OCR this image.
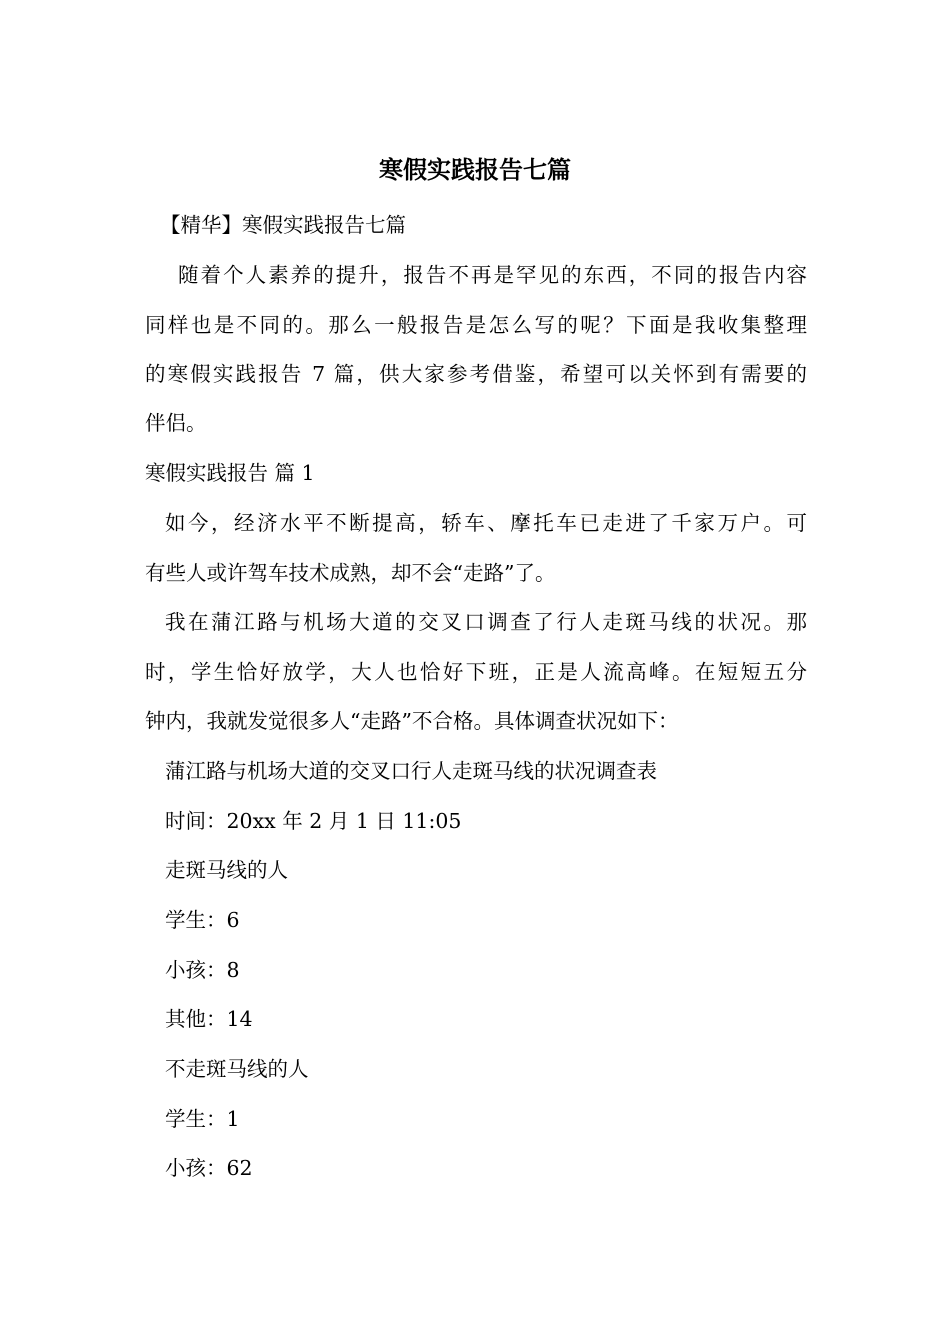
寒假实践报告七篇
【精华】寒假实践报告七篇
随着个人素养的提升，报告不再是罕见的东西，不同的报告内容
同样也是不同的。那么一般报告是怎么写的呢？下面是我收集整理
的寒假实践报告 7 篇，供大家参考借鉴，希望可以关怀到有需要的
伴侣。
寒假实践报告 篇 1
如今，经济水平不断提高，轿车、摩托车已走进了千家万户。可
有些人或许驾车技术成熟，却不会“走路”了。
我在蒲江路与机场大道的交叉口调查了行人走斑马线的状况。那
时，学生恰好放学，大人也恰好下班，正是人流高峰。在短短五分
钟内，我就发觉很多人“走路”不合格。具体调查状况如下：
蒲江路与机场大道的交叉口行人走斑马线的状况调查表
时间：20xx 年 2 月 1 日 11:05
走斑马线的人
学生：6
小孩：8
其他：14
不走斑马线的人
学生：1
小孩：62
